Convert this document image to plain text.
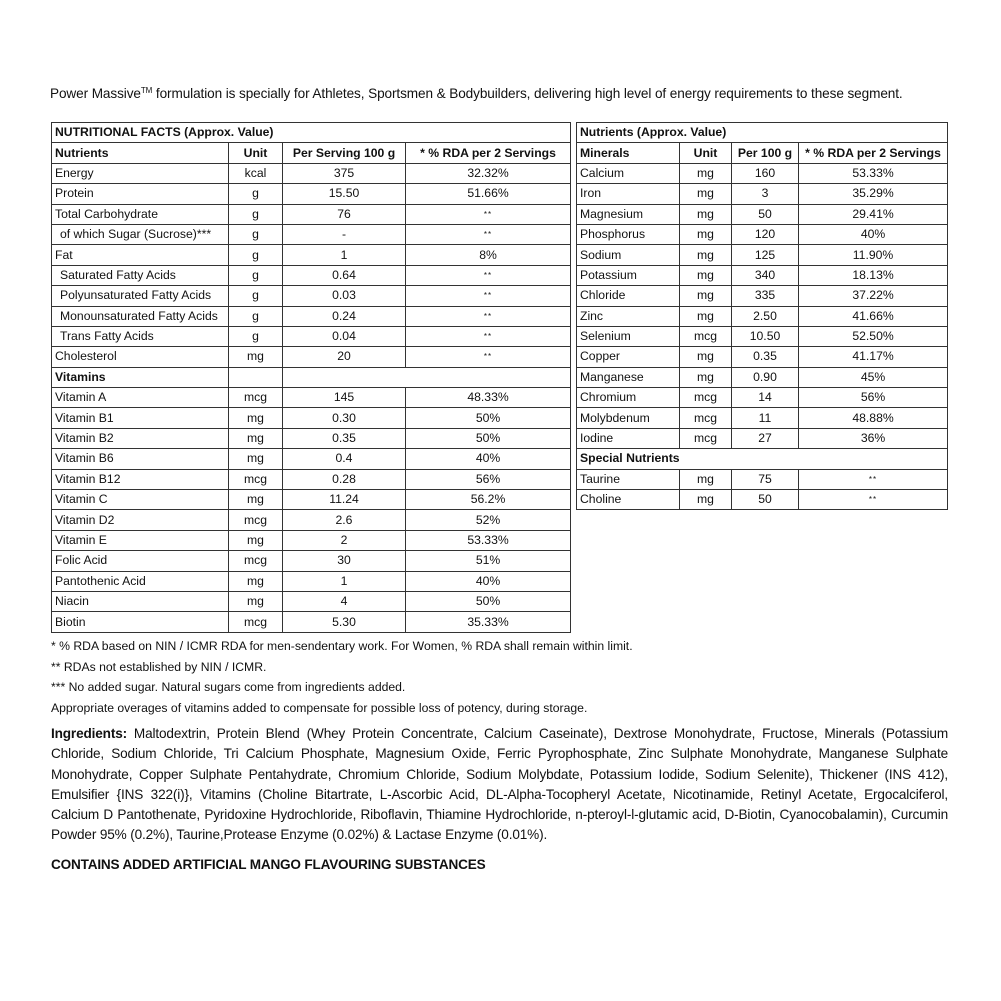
Power Massive™ formulation is specially for Athletes, Sportsmen & Bodybuilders, delivering high level of energy requirements to these segment.
NUTRITIONAL FACTS (Approx. Value)			
Nutrients	Unit	Per Serving 100 g	* % RDA per 2 Servings
Energy	kcal	375	32.32%
Protein	g	15.50	51.66%
Total Carbohydrate	g	76	**
of which Sugar (Sucrose)***	g	-	**
Fat	g	1	8%
Saturated Fatty Acids	g	0.64	**
Polyunsaturated Fatty Acids	g	0.03	**
Monounsaturated Fatty Acids	g	0.24	**
Trans Fatty Acids	g	0.04	**
Cholesterol	mg	20	**
Vitamins			
Vitamin A	mcg	145	48.33%
Vitamin B1	mg	0.30	50%
Vitamin B2	mg	0.35	50%
Vitamin B6	mg	0.4	40%
Vitamin B12	mcg	0.28	56%
Vitamin C	mg	11.24	56.2%
Vitamin D2	mcg	2.6	52%
Vitamin E	mg	2	53.33%
Folic Acid	mcg	30	51%
Pantothenic Acid	mg	1	40%
Niacin	mg	4	50%
Biotin	mcg	5.30	35.33%
Nutrients (Approx. Value)			
Minerals	Unit	Per 100 g	* % RDA per 2 Servings
Calcium	mg	160	53.33%
Iron	mg	3	35.29%
Magnesium	mg	50	29.41%
Phosphorus	mg	120	40%
Sodium	mg	125	11.90%
Potassium	mg	340	18.13%
Chloride	mg	335	37.22%
Zinc	mg	2.50	41.66%
Selenium	mcg	10.50	52.50%
Copper	mg	0.35	41.17%
Manganese	mg	0.90	45%
Chromium	mcg	14	56%
Molybdenum	mcg	11	48.88%
Iodine	mcg	27	36%
Special Nutrients			
Taurine	mg	75	**
Choline	mg	50	**
* % RDA based on NIN / ICMR RDA for men-sendentary work. For Women, % RDA shall remain within limit.
** RDAs not established by NIN / ICMR.
*** No added sugar. Natural sugars come from ingredients added.
Appropriate overages of vitamins added to compensate for possible loss of potency, during storage.
Ingredients: Maltodextrin, Protein Blend (Whey Protein Concentrate, Calcium Caseinate), Dextrose Monohydrate, Fructose, Minerals (Potassium Chloride, Sodium Chloride, Tri Calcium Phosphate, Magnesium Oxide, Ferric Pyrophosphate, Zinc Sulphate Monohydrate, Manganese Sulphate Monohydrate, Copper Sulphate Pentahydrate, Chromium Chloride, Sodium Molybdate, Potassium Iodide, Sodium Selenite), Thickener (INS 412), Emulsifier {INS 322(i)}, Vitamins (Choline Bitartrate, L-Ascorbic Acid, DL-Alpha-Tocopheryl Acetate, Nicotinamide, Retinyl Acetate, Ergocalciferol, Calcium D Pantothenate, Pyridoxine Hydrochloride, Riboflavin, Thiamine Hydrochloride, n-pteroyl-l-glutamic acid, D-Biotin, Cyanocobalamin), Curcumin Powder 95% (0.2%), Taurine,Protease Enzyme (0.02%) & Lactase Enzyme (0.01%).
CONTAINS ADDED ARTIFICIAL MANGO FLAVOURING SUBSTANCES
